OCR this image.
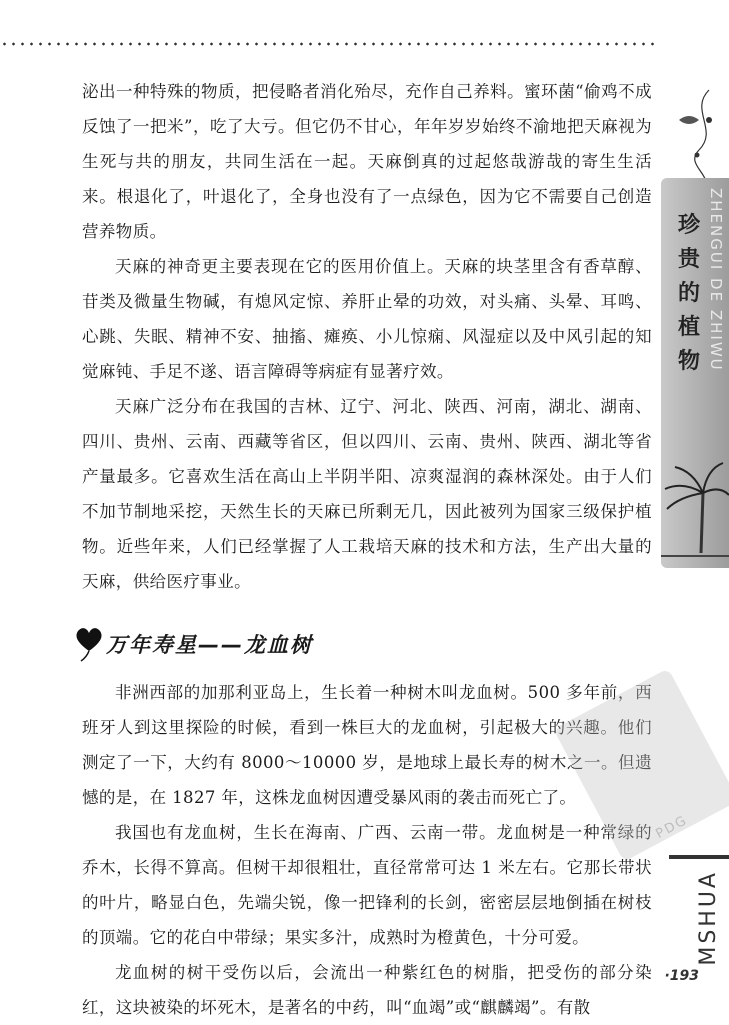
泌出一种特殊的物质，把侵略者消化殆尽，充作自己养料。蜜环菌“偷鸡不成反蚀了一把米”，吃了大亏。但它仍不甘心，年年岁岁始终不渝地把天麻视为生死与共的朋友，共同生活在一起。天麻倒真的过起悠哉游哉的寄生生活来。根退化了，叶退化了，全身也没有了一点绿色，因为它不需要自己创造营养物质。

天麻的神奇更主要表现在它的医用价值上。天麻的块茎里含有香草醇、苷类及微量生物碱，有熄风定惊、养肝止晕的功效，对头痛、头晕、耳鸣、心跳、失眠、精神不安、抽搐、瘫痪、小儿惊痫、风湿症以及中风引起的知觉麻钝、手足不遂、语言障碍等病症有显著疗效。

天麻广泛分布在我国的吉林、辽宁、河北、陕西、河南，湖北、湖南、四川、贵州、云南、西藏等省区，但以四川、云南、贵州、陕西、湖北等省产量最多。它喜欢生活在高山上半阴半阳、凉爽湿润的森林深处。由于人们不加节制地采挖，天然生长的天麻已所剩无几，因此被列为国家三级保护植物。近些年来，人们已经掌握了人工栽培天麻的技术和方法，生产出大量的天麻，供给医疗事业。

万年寿星——龙血树

非洲西部的加那利亚岛上，生长着一种树木叫龙血树。500 多年前，西班牙人到这里探险的时候，看到一株巨大的龙血树，引起极大的兴趣。他们测定了一下，大约有 8000～10000 岁，是地球上最长寿的树木之一。但遗憾的是，在 1827 年，这株龙血树因遭受暴风雨的袭击而死亡了。

我国也有龙血树，生长在海南、广西、云南一带。龙血树是一种常绿的乔木，长得不算高。但树干却很粗壮，直径常常可达 1 米左右。它那长带状的叶片，略显白色，先端尖锐，像一把锋利的长剑，密密层层地倒插在树枝的顶端。它的花白中带绿；果实多汁，成熟时为橙黄色，十分可爱。

龙血树的树干受伤以后，会流出一种紫红色的树脂，把受伤的部分染红，这块被染的坏死木，是著名的中药，叫“血竭”或“麒麟竭”。有散

珍贵的植物 ZHENGUI DE ZHIWU
PDG
MSHUA
·193
